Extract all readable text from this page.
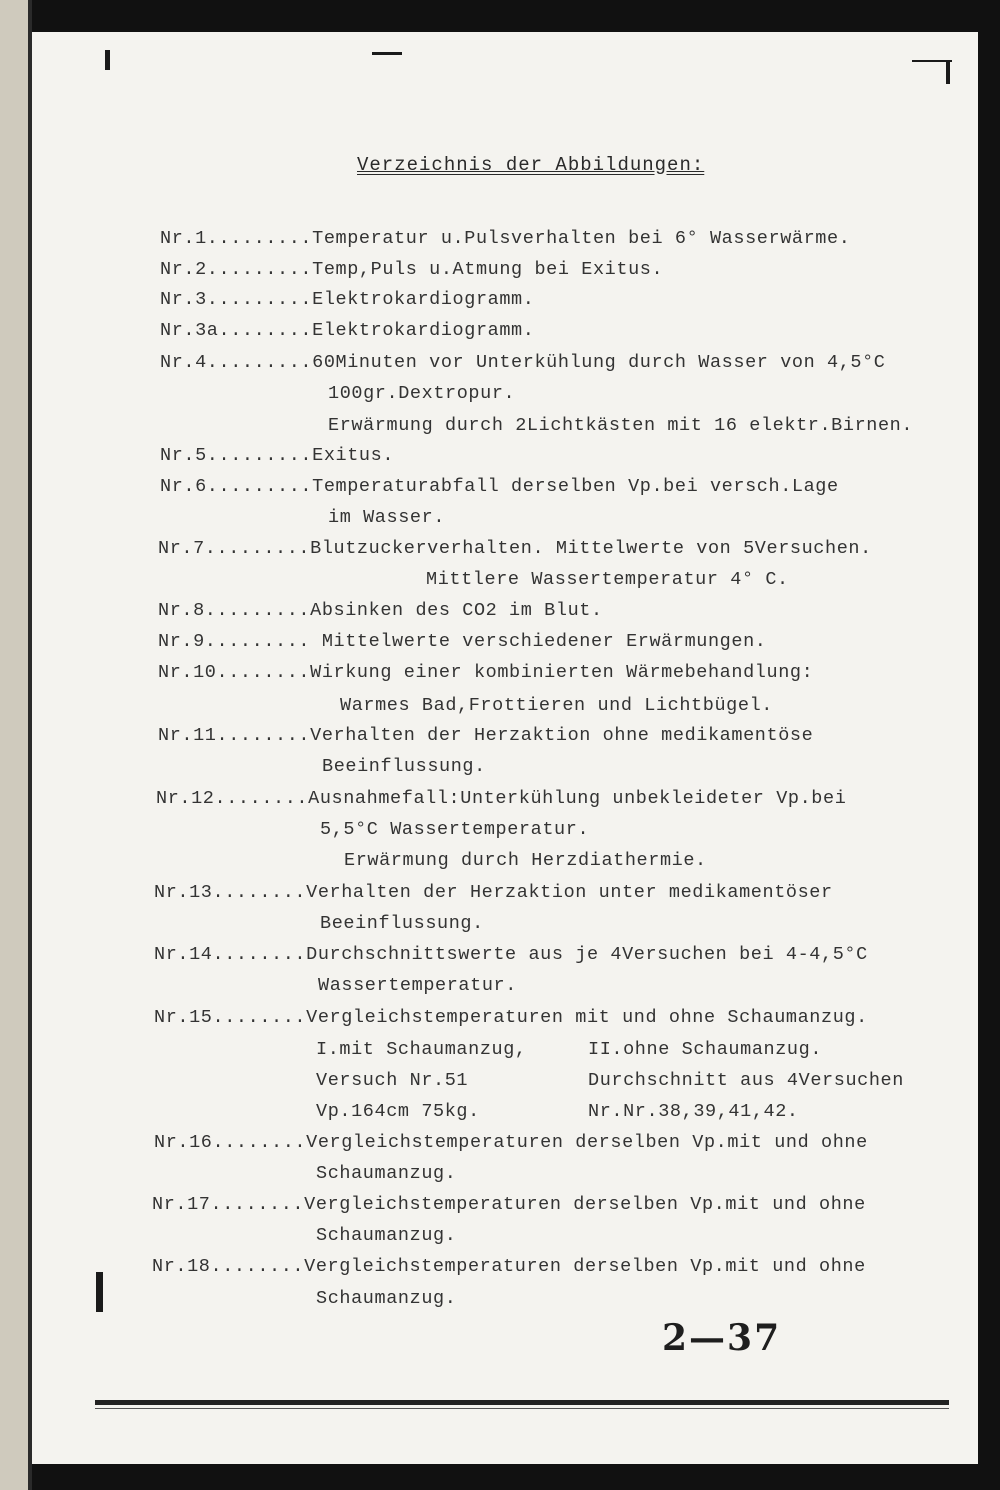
Verzeichnis der Abbildungen:
Nr.1.........Temperatur u.Pulsverhalten bei 6° Wasserwärme.
Nr.2.........Temp,Puls u.Atmung bei Exitus.
Nr.3.........Elektrokardiogramm.
Nr.3a........Elektrokardiogramm.
Nr.4.........60Minuten vor Unterkühlung durch Wasser von 4,5°C
100gr.Dextropur.
Erwärmung durch 2Lichtkästen mit 16 elektr.Birnen.
Nr.5.........Exitus.
Nr.6.........Temperaturabfall derselben Vp.bei versch.Lage
im Wasser.
Nr.7.........Blutzuckerverhalten. Mittelwerte von 5Versuchen.
Mittlere Wassertemperatur 4° C.
Nr.8.........Absinken des CO2 im Blut.
Nr.9......... Mittelwerte verschiedener Erwärmungen.
Nr.10........Wirkung einer kombinierten Wärmebehandlung:
Warmes Bad,Frottieren und Lichtbügel.
Nr.11........Verhalten der Herzaktion ohne medikamentöse
Beeinflussung.
Nr.12........Ausnahmefall:Unterkühlung unbekleideter Vp.bei
5,5°C Wassertemperatur.
Erwärmung durch Herzdiathermie.
Nr.13........Verhalten der Herzaktion unter medikamentöser
Beeinflussung.
Nr.14........Durchschnittswerte aus je 4Versuchen bei 4-4,5°C
Wassertemperatur.
Nr.15........Vergleichstemperaturen mit und ohne Schaumanzug.
I.mit Schaumanzug,	II.ohne Schaumanzug.
Versuch Nr.51	Durchschnitt aus 4Versuchen
Vp.164cm 75kg.	Nr.Nr.38,39,41,42.
Nr.16........Vergleichstemperaturen derselben Vp.mit und ohne
Schaumanzug.
Nr.17........Vergleichstemperaturen derselben Vp.mit und ohne
Schaumanzug.
Nr.18........Vergleichstemperaturen derselben Vp.mit und ohne
Schaumanzug.
2—37
